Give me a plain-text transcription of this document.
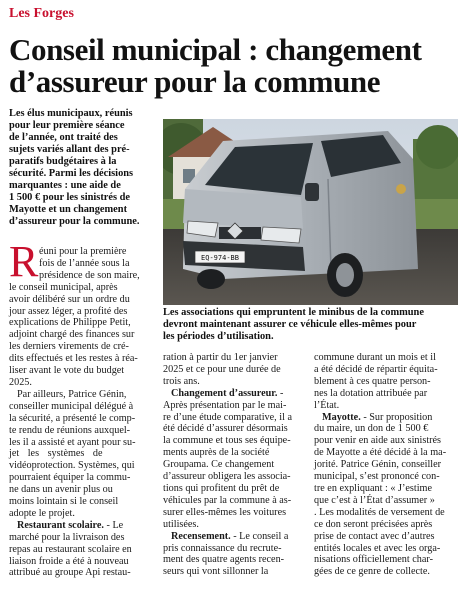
Les Forges
Conseil municipal : changement
d’assureur pour la commune
Les élus municipaux, réunis
pour leur première séance
de l’année, ont traité des
sujets variés allant des pré-
paratifs budgétaires à la
sécurité. Parmi les décisions
marquantes : une aide de
1 500 € pour les sinistrés de
Mayotte et un changement
d’assureur pour la commune.
EQ-974-BB
Les associations qui empruntent le minibus de la commune
devront maintenant assurer ce véhicule elles-mêmes pour
les périodes d’utilisation.
R éuni pour la première
fois de l’année sous la
présidence de son maire,
le conseil municipal, après
avoir délibéré sur un ordre du
jour assez léger, a profité des
explications de Philippe Petit,
adjoint chargé des finances sur
les derniers virements de cré-
dits effectués et les restes à réa-
liser avant le vote du budget
2025.
Par ailleurs, Patrice Génin,
conseiller municipal délégué à
la sécurité, a présenté le comp-
te rendu de réunions auxquel-
les il a assisté et ayant pour su-
jet les systèmes de
vidéoprotection. Systèmes, qui
pourraient équiper la commu-
ne dans un avenir plus ou
moins lointain si le conseil
adopte le projet.
Restaurant scolaire. - Le
marché pour la livraison des
repas au restaurant scolaire en
liaison froide a été à nouveau
attribué au groupe Api restau-
ration à partir du 1er janvier
2025 et ce pour une durée de
trois ans.
Changement d’assureur. -
Après présentation par le mai-
re d’une étude comparative, il a
été décidé d’assurer désormais
la commune et tous ses équipe-
ments auprès de la société
Groupama. Ce changement
d’assureur obligera les associa-
tions qui profitent du prêt de
véhicules par la commune à as-
surer elles-mêmes les voitures
utilisées.
Recensement. - Le conseil a
pris connaissance du recrute-
ment des quatre agents recen-
seurs qui vont sillonner la
commune durant un mois et il
a été décidé de répartir équita-
blement à ces quatre person-
nes la dotation attribuée par
l’État.
Mayotte. - Sur proposition
du maire, un don de 1 500 €
pour venir en aide aux sinistrés
de Mayotte a été décidé à la ma-
jorité. Patrice Génin, conseiller
municipal, s’est prononcé con-
tre en expliquant : « J’estime
que c’est à l’État d’assumer »
. Les modalités de versement de
ce don seront précisées après
prise de contact avec d’autres
entités locales et avec les orga-
nisations officiellement char-
gées de ce genre de collecte.
